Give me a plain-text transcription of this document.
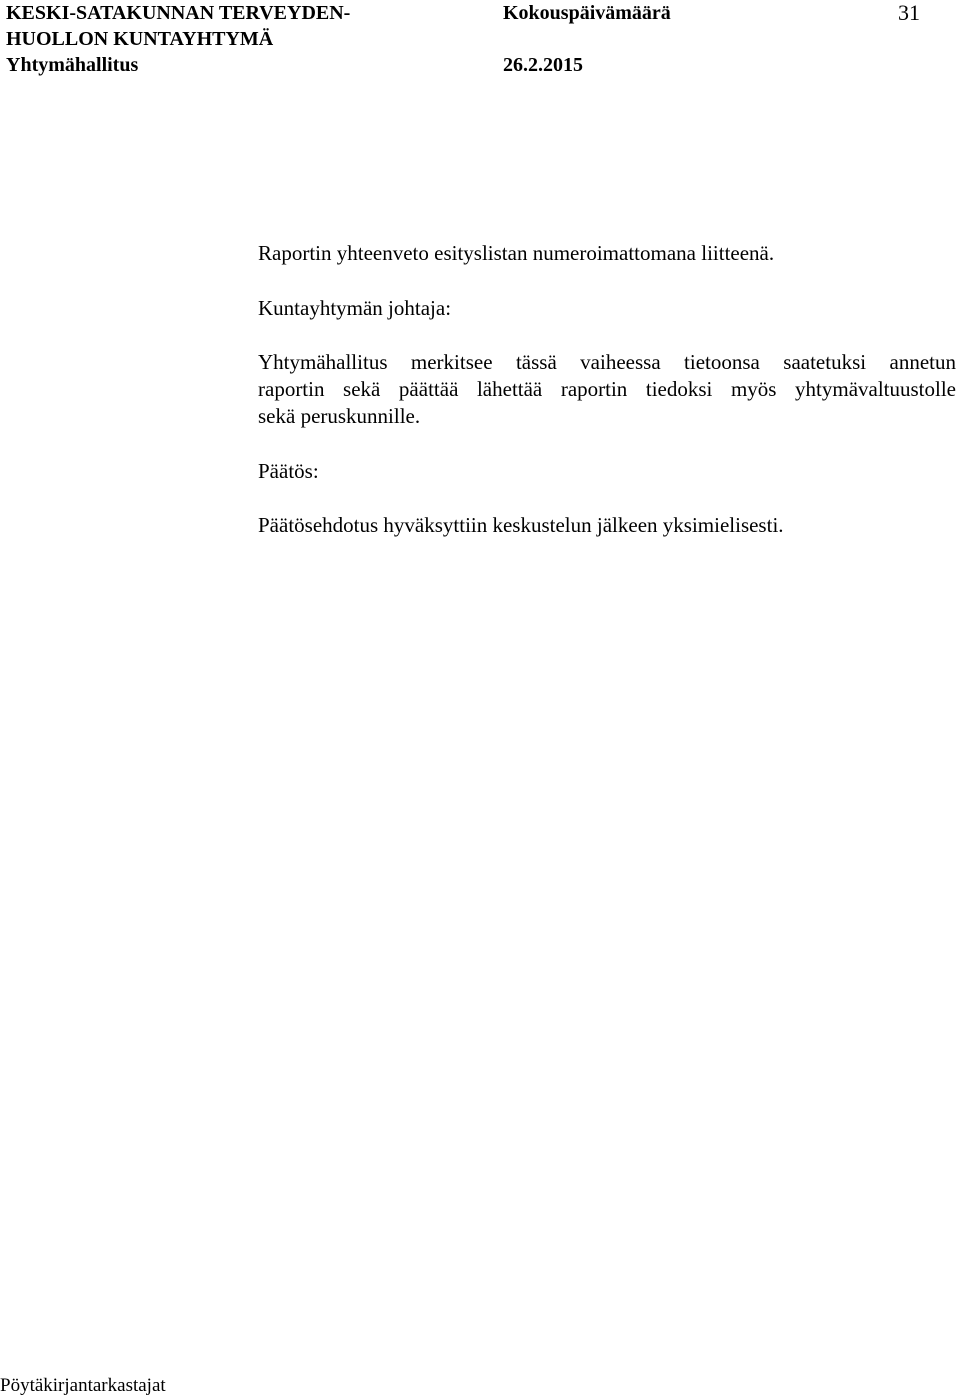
KESKI-SATAKUNNAN TERVEYDEN-
HUOLLON KUNTAYHTYMÄ
Yhtymähallitus
Kokouspäivämäärä
26.2.2015
31
Raportin yhteenveto esityslistan numeroimattomana liitteenä.
Kuntayhtymän johtaja:
Yhtymähallitus merkitsee tässä vaiheessa tietoonsa saatetuksi annetun
raportin sekä päättää lähettää raportin tiedoksi myös yhtymävaltuustolle
sekä peruskunnille.
Päätös:
Päätösehdotus hyväksyttiin keskustelun jälkeen yksimielisesti.
Pöytäkirjantarkastajat
